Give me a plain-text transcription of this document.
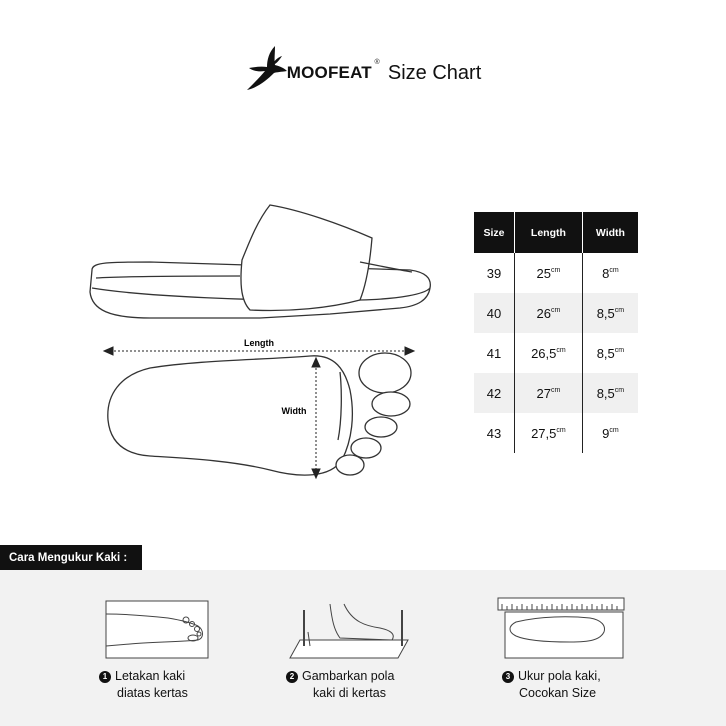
MOOFEAT
® Size Chart
Length
Width
Size	Length	Width
39	$25^{cm}$	$8^{cm}$
40	$26^{cm}$	$8,5^{cm}$
41	$26,5^{cm}$	$8,5^{cm}$
42	$27^{cm}$	$8,5^{cm}$
43	$27,5^{cm}$	$9^{cm}$
Cara Mengukur Kaki :
1 Letakan kaki
diatas kertas
2 Gambarkan pola
kaki di kertas
3 Ukur pola kaki,
Cocokan Size
